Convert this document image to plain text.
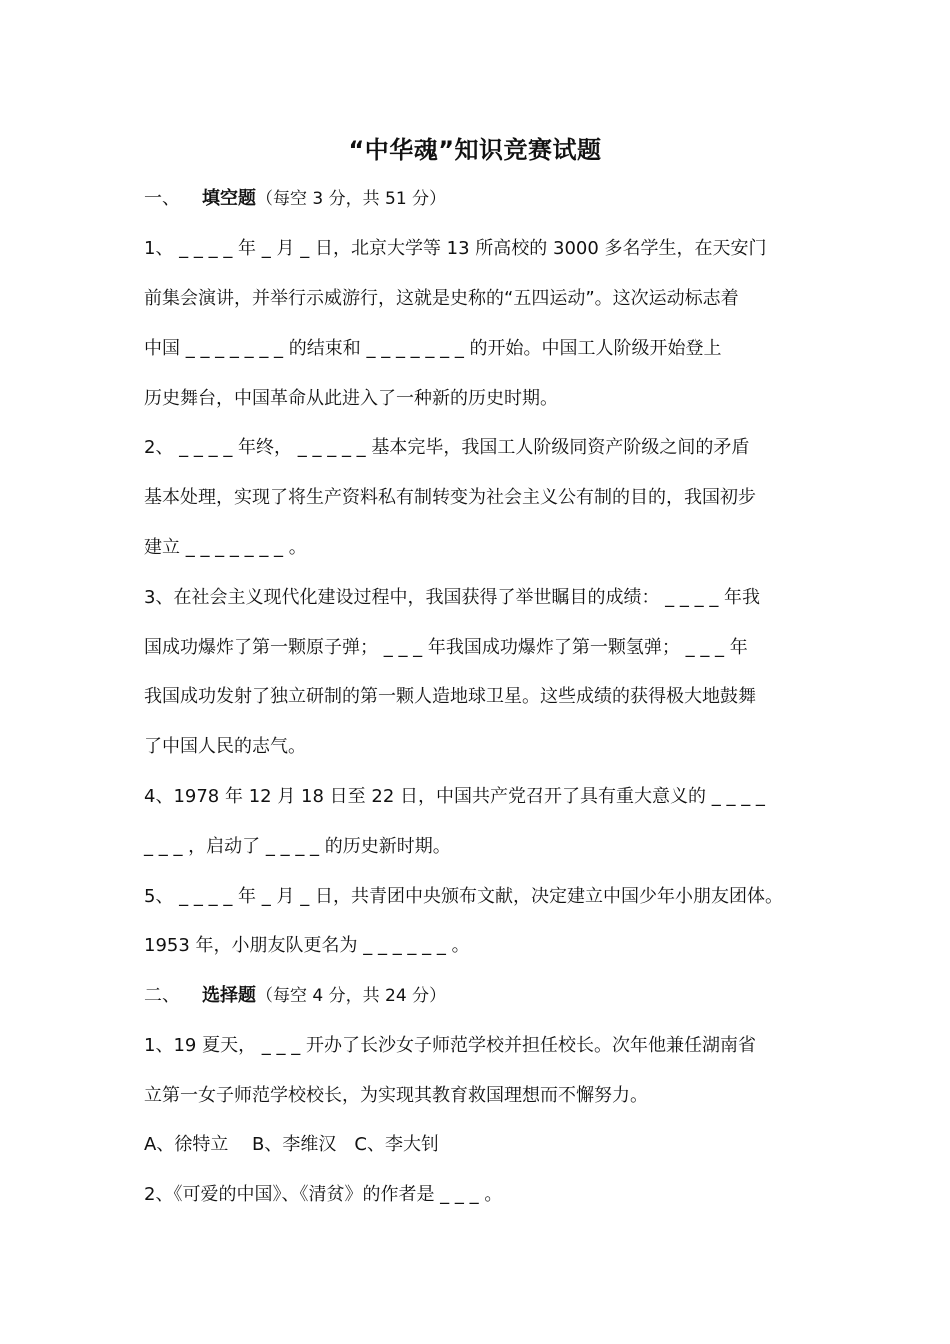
“中华魂”知识竞赛试题
一、 填空题（每空 3 分，共 51 分）
1、 _ _ _ _ 年 _ 月 _ 日，北京大学等 13 所高校的 3000 多名学生，在天安门
前集会演讲，并举行示威游行，这就是史称的“五四运动”。这次运动标志着
中国 _ _ _ _ _ _ _ 的结束和 _ _ _ _ _ _ _ 的开始。中国工人阶级开始登上
历史舞台，中国革命从此进入了一种新的历史时期。
2、 _ _ _ _ 年终， _ _ _ _ _ 基本完毕，我国工人阶级同资产阶级之间的矛盾
基本处理，实现了将生产资料私有制转变为社会主义公有制的目的，我国初步
建立 _ _ _ _ _ _ _ 。
3、在社会主义现代化建设过程中，我国获得了举世瞩目的成绩： _ _ _ _ 年我
国成功爆炸了第一颗原子弹； _ _ _ 年我国成功爆炸了第一颗氢弹； _ _ _ 年
我国成功发射了独立研制的第一颗人造地球卫星。这些成绩的获得极大地鼓舞
了中国人民的志气。
4、1978 年 12 月 18 日至 22 日，中国共产党召开了具有重大意义的 _ _ _ _
_ _ _ ，启动了 _ _ _ _ 的历史新时期。
5、 _ _ _ _ 年 _ 月 _ 日，共青团中央颁布文献，决定建立中国少年小朋友团体。
1953 年，小朋友队更名为 _ _ _ _ _ _ 。
二、 选择题（每空 4 分，共 24 分）
1、19 夏天， _ _ _ 开办了长沙女子师范学校并担任校长。次年他兼任湖南省
立第一女子师范学校校长，为实现其教育救国理想而不懈努力。
A、徐特立　 B、李维汉　C、李大钊
2、《可爱的中国》、《清贫》的作者是 _ _ _ 。
